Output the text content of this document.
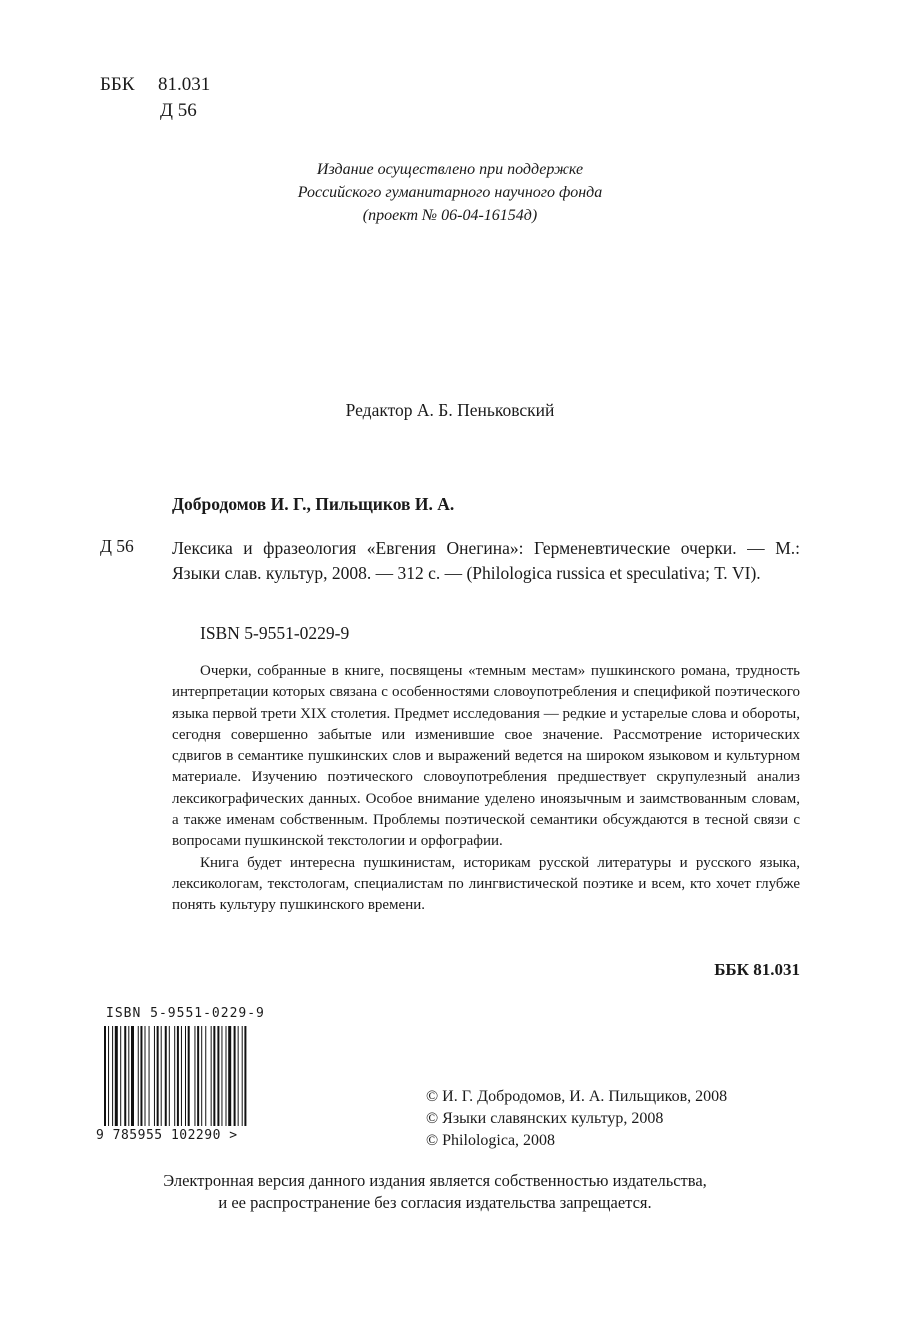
ББК 81.031
Д 56
Издание осуществлено при поддержке
Российского гуманитарного научного фонда
(проект № 06-04-16154д)
Редактор А. Б. Пеньковский
Добродомов И. Г., Пильщиков И. А.
Д 56 Лексика и фразеология «Евгения Онегина»: Герменевтические очерки. — М.: Языки слав. культур, 2008. — 312 с. — (Philologica russica et speculativa; Т. VI).
ISBN 5-9551-0229-9

Очерки, собранные в книге, посвящены «темным местам» пушкинского романа, трудность интерпретации которых связана с особенностями словоупотребления и спецификой поэтического языка первой трети XIX столетия. Предмет исследования — редкие и устарелые слова и обороты, сегодня совершенно забытые или изменившие свое значение. Рассмотрение исторических сдвигов в семантике пушкинских слов и выражений ведется на широком языковом и культурном материале. Изучению поэтического словоупотребления предшествует скрупулезный анализ лексикографических данных. Особое внимание уделено иноязычным и заимствованным словам, а также именам собственным. Проблемы поэтической семантики обсуждаются в тесной связи с вопросами пушкинской текстологии и орфографии.

Книга будет интересна пушкинистам, историкам русской литературы и русского языка, лексикологам, текстологам, специалистам по лингвистической поэтике и всем, кто хочет глубже понять культуру пушкинского времени.

ББК 81.031
ISBN 5-9551-0229-9
9 785955 102290 >
© И. Г. Добродомов, И. А. Пильщиков, 2008
© Языки славянских культур, 2008
© Philologica, 2008
Электронная версия данного издания является собственностью издательства,
и ее распространение без согласия издательства запрещается.
